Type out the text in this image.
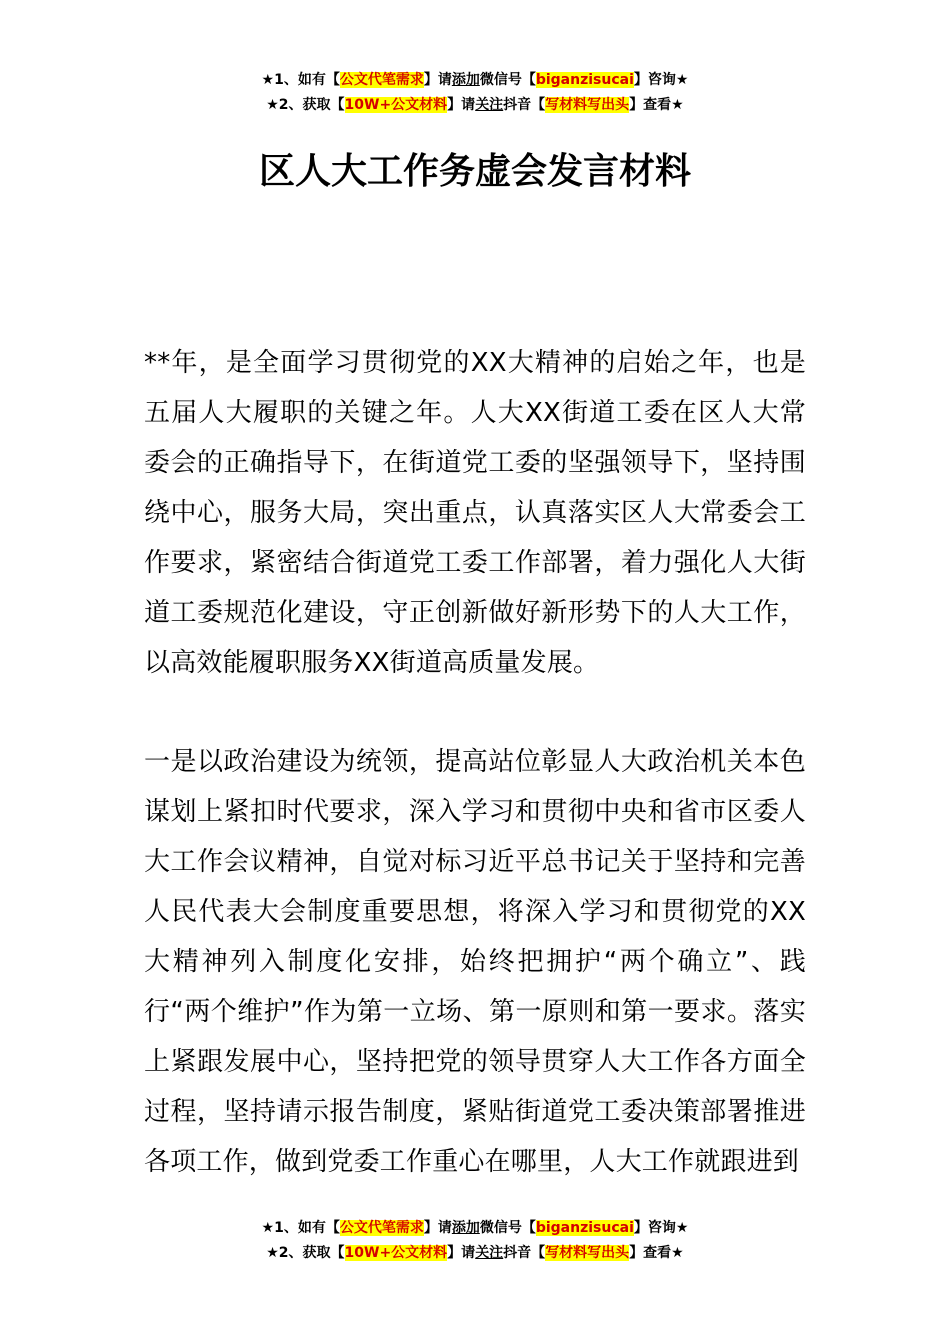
★1、如有【公文代笔需求】请添加微信号【biganzisucai】咨询★
★2、获取【10W+公文材料】请关注抖音【写材料写出头】查看★
区人大工作务虚会发言材料

**年，是全面学习贯彻党的XX大精神的启始之年，也是五届人大履职的关键之年。人大XX街道工委在区人大常委会的正确指导下，在街道党工委的坚强领导下，坚持围绕中心，服务大局，突出重点，认真落实区人大常委会工作要求，紧密结合街道党工委工作部署，着力强化人大街道工委规范化建设，守正创新做好新形势下的人大工作，以高效能履职服务XX街道高质量发展。

一是以政治建设为统领，提高站位彰显人大政治机关本色谋划上紧扣时代要求，深入学习和贯彻中央和省市区委人大工作会议精神，自觉对标习近平总书记关于坚持和完善人民代表大会制度重要思想，将深入学习和贯彻党的XX大精神列入制度化安排，始终把拥护“两个确立”、践行“两个维护”作为第一立场、第一原则和第一要求。落实上紧跟发展中心，坚持把党的领导贯穿人大工作各方面全过程，坚持请示报告制度，紧贴街道党工委决策部署推进各项工作，做到党委工作重心在哪里，人大工作就跟进到

★1、如有【公文代笔需求】请添加微信号【biganzisucai】咨询★
★2、获取【10W+公文材料】请关注抖音【写材料写出头】查看★
